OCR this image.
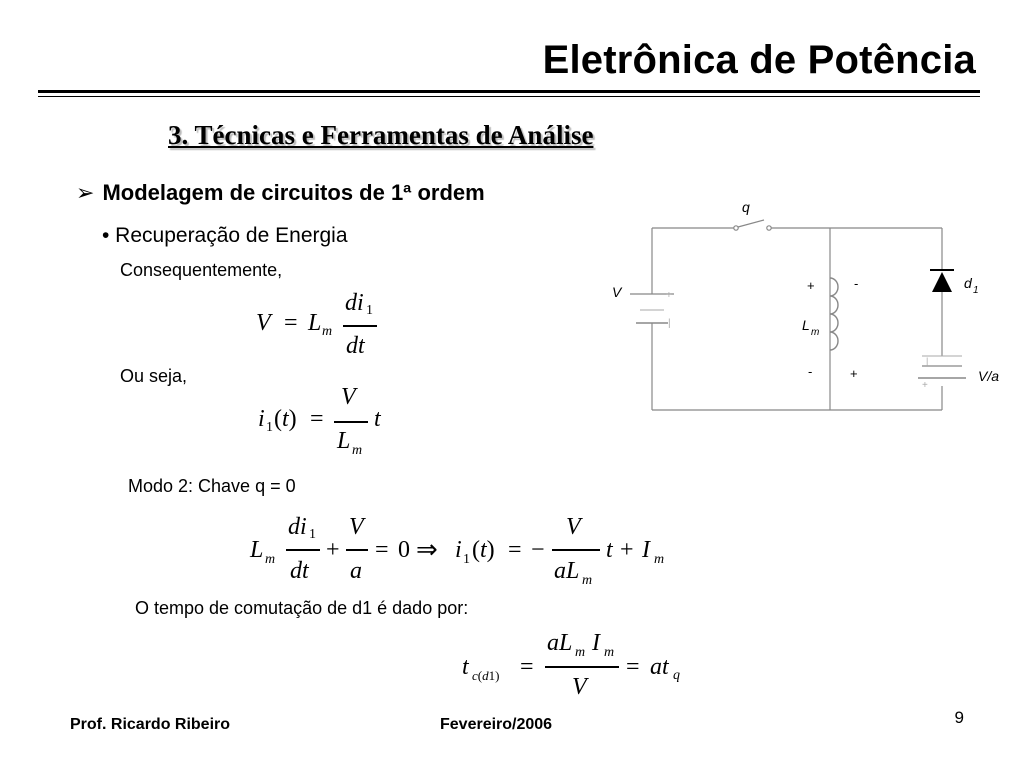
Eletrônica de Potência
3. Técnicas e Ferramentas de Análise
➢ Modelagem de circuitos de 1ª ordem
• Recuperação de Energia
Consequentemente,
V = L m
di 1
dt
Ou seja,
i 1 (t) =
V
L m
t
Modo 2: Chave q = 0
L m
di 1
dt
+
V
a
= 0 ⇒ i 1 (t) = −
V
aL m
t + I m
O tempo de comutação de d1 é dado por:
t c(d1) =
aL m I m
V
= at q
+
|
V
q
+	-
-	+
L m
d 1
|
+
V/a
Prof. Ricardo Ribeiro	Fevereiro/2006	9
